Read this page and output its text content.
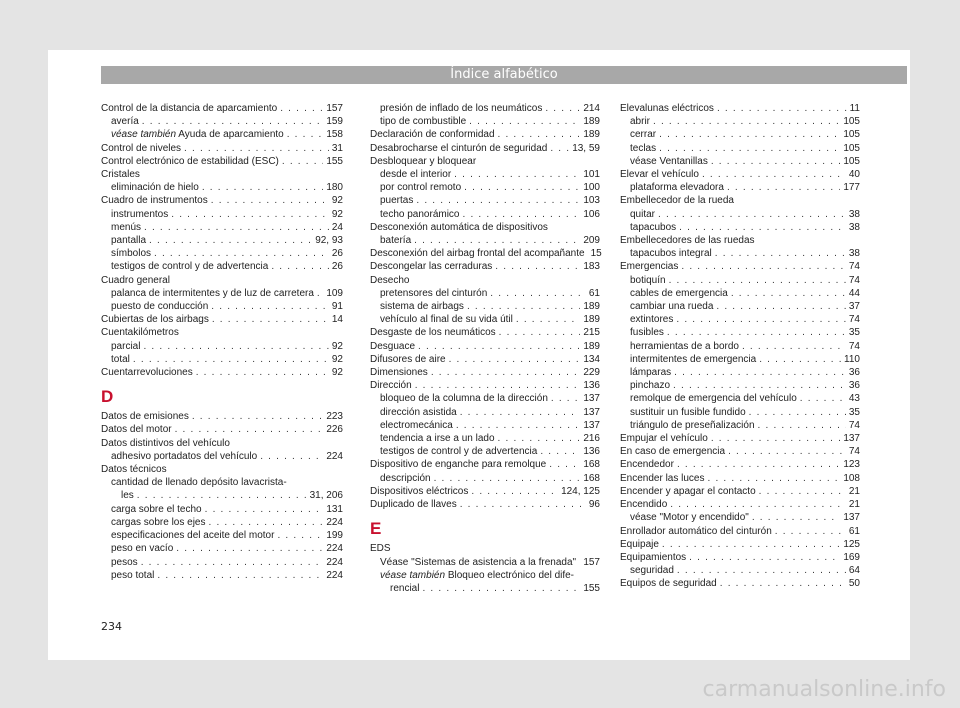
Índice alfabético
Control de la distancia de aparcamiento . . .	157
avería . . .	159
véase también Ayuda de aparcamiento . . .	158
Control de niveles . . .	31
Control electrónico de estabilidad (ESC) . . .	155
Cristales
eliminación de hielo . . .	180
Cuadro de instrumentos . . .	92
instrumentos . . .	92
menús . . .	24
pantalla . . .	92, 93
símbolos . . .	26
testigos de control y de advertencia . . .	26
Cuadro general
palanca de intermitentes y de luz de carretera . . . 109
puesto de conducción . . .	91
Cubiertas de los airbags . . .	14
Cuentakilómetros
parcial . . .	92
total . . .	92
Cuentarrevoluciones . . .	92
D
Datos de emisiones . . .	223
Datos del motor . . .	226
Datos distintivos del vehículo
adhesivo portadatos del vehículo . . .	224
Datos técnicos
cantidad de llenado depósito lavacrista-
les . . .	31, 206
carga sobre el techo . . .	131
cargas sobre los ejes . . .	224
especificaciones del aceite del motor . . .	199
peso en vacío . . .	224
pesos . . .	224
peso total . . .	224
presión de inflado de los neumáticos . . .	214
tipo de combustible . . .	189
Declaración de conformidad . . .	189
Desabrocharse el cinturón de seguridad . . . 13, 59
Desbloquear y bloquear
desde el interior . . .	101
por control remoto . . .	100
puertas . . .	103
techo panorámico . . .	106
Desconexión automática de dispositivos
batería . . .	209
Desconexión del airbag frontal del acompañante 15
Descongelar las cerraduras . . .	183
Desecho
pretensores del cinturón . . .	61
sistema de airbags . . .	189
vehículo al final de su vida útil . . .	189
Desgaste de los neumáticos . . .	215
Desguace . . .	189
Difusores de aire . . .	134
Dimensiones . . .	229
Dirección . . .	136
bloqueo de la columna de la dirección . . .	137
dirección asistida . . .	137
electromecánica . . .	137
tendencia a irse a un lado . . .	216
testigos de control y de advertencia . . .	136
Dispositivo de enganche para remolque . . .	168
descripción . . .	168
Dispositivos eléctricos . . .	124, 125
Duplicado de llaves . . .	96
E
EDS
Véase "Sistemas de asistencia a la frenada" . . . 157
véase también Bloqueo electrónico del dife-
rencial . . .	155
Elevalunas eléctricos . . .	11
abrir . . .	105
cerrar . . .	105
teclas . . .	105
véase Ventanillas . . .	105
Elevar el vehículo . . .	40
plataforma elevadora . . .	177
Embellecedor de la rueda
quitar . . .	38
tapacubos . . .	38
Embellecedores de las ruedas
tapacubos integral . . .	38
Emergencias . . .	74
botiquín . . .	74
cables de emergencia . . .	44
cambiar una rueda . . .	37
extintores . . .	74
fusibles . . .	35
herramientas de a bordo . . .	74
intermitentes de emergencia . . .	110
lámparas . . .	36
pinchazo . . .	36
remolque de emergencia del vehículo . . .	43
sustituir un fusible fundido . . .	35
triángulo de preseñalización . . .	74
Empujar el vehículo . . .	137
En caso de emergencia . . .	74
Encendedor . . .	123
Encender las luces . . .	108
Encender y apagar el contacto . . .	21
Encendido . . .	21
véase "Motor y encendido" . . .	137
Enrollador automático del cinturón . . .	61
Equipaje . . .	125
Equipamientos . . .	169
seguridad . . .	64
Equipos de seguridad . . .	50
234
carmanualsonline.info
